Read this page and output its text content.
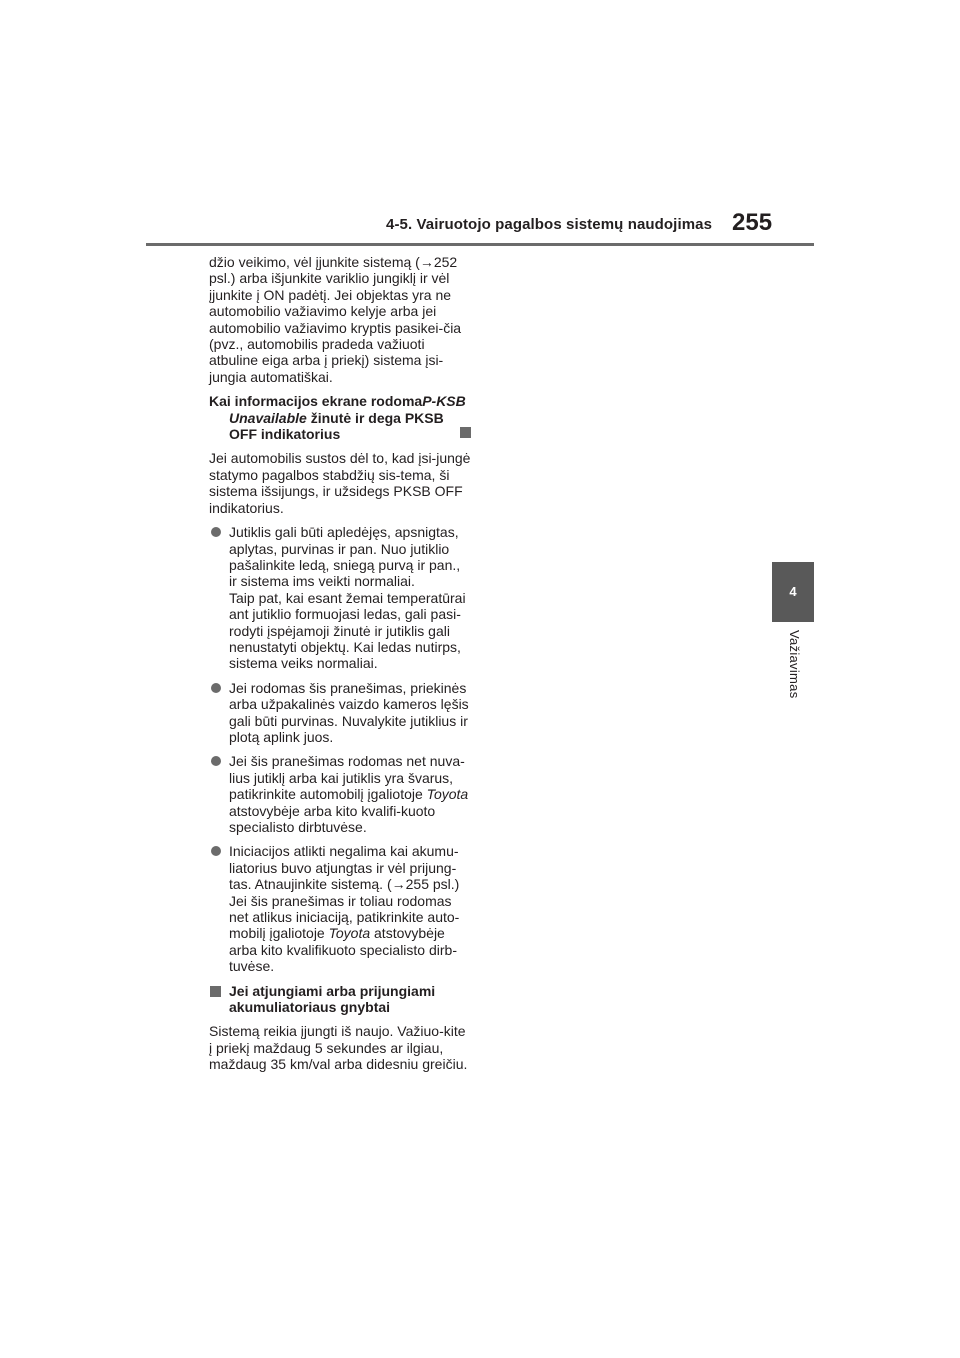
4-5. Vairuotojo pagalbos sistemų naudojimas 255
4
Važiavimas

džio veikimo, vėl įjunkite sistemą (→252 psl.) arba išjunkite variklio jungiklį ir vėl įjunkite į ON padėtį. Jei objektas yra ne automobilio važiavimo kelyje arba jei automobilio važiavimo kryptis pasikei-čia (pvz., automobilis pradeda važiuoti atbuline eiga arba į priekį) sistema įsi-jungia automatiškai.

Kai informacijos ekrane rodomaP-KSB Unavailable žinutė ir dega PKSB OFF indikatorius

Jei automobilis sustos dėl to, kad įsi-jungė statymo pagalbos stabdžių sis-tema, ši sistema išsijungs, ir užsidegs PKSB OFF indikatorius.

Jutiklis gali būti apledėjęs, apsnigtas, aplytas, purvinas ir pan. Nuo jutiklio pašalinkite ledą, sniegą purvą ir pan., ir sistema ims veikti normaliai.
Taip pat, kai esant žemai temperatūrai ant jutiklio formuojasi ledas, gali pasi-rodyti įspėjamoji žinutė ir jutiklis gali nenustatyti objektų. Kai ledas nutirps, sistema veiks normaliai.
Jei rodomas šis pranešimas, priekinės arba užpakalinės vaizdo kameros lęšis gali būti purvinas. Nuvalykite jutiklius ir plotą aplink juos.
Jei šis pranešimas rodomas net nuva-lius jutiklį arba kai jutiklis yra švarus, patikrinkite automobilį įgaliotoje Toyota atstovybėje arba kito kvalifi-kuoto specialisto dirbtuvėse.
Iniciacijos atlikti negalima kai akumu-liatorius buvo atjungtas ir vėl prijung-tas. Atnaujinkite sistemą. (→255 psl.) Jei šis pranešimas ir toliau rodomas net atlikus iniciaciją, patikrinkite auto-mobilį įgaliotoje Toyota atstovybėje arba kito kvalifikuoto specialisto dirb-tuvėse.
Jei atjungiami arba prijungiami akumuliatoriaus gnybtai

Sistemą reikia įjungti iš naujo. Važiuo-kite į priekį maždaug 5 sekundes ar ilgiau, maždaug 35 km/val arba didesniu greičiu.
